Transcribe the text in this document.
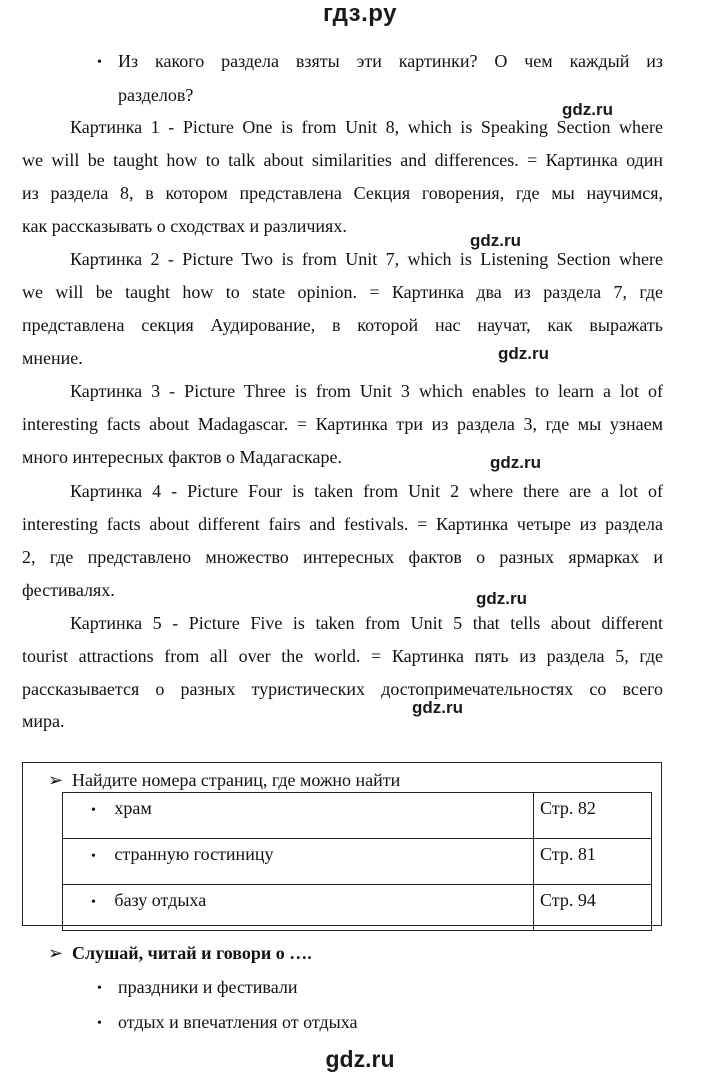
гдз.ру
• Из какого раздела взяты эти картинки? О чем каждый из
разделов?
Картинка 1 - Picture One is from Unit 8, which is Speaking Section where
we will be taught how to talk about similarities and differences. = Картинка один
из раздела 8, в котором представлена Секция говорения, где мы научимся,
как рассказывать о сходствах и различиях.
Картинка 2 - Picture Two is from Unit 7, which is Listening Section where
we will be taught how to state opinion. = Картинка два из раздела 7, где
представлена секция Аудирование, в которой нас научат, как выражать
мнение.
Картинка 3 - Picture Three is from Unit 3 which enables to learn a lot of
interesting facts about Madagascar. = Картинка три из раздела 3, где мы узнаем
много интересных фактов о Мадагаскаре.
Картинка 4 - Picture Four is taken from Unit 2 where there are a lot of
interesting facts about different fairs and festivals. = Картинка четыре из раздела
2, где представлено множество интересных фактов о разных ярмарках и
фестивалях.
Картинка 5 - Picture Five is taken from Unit 5 that tells about different
tourist attractions from all over the world. = Картинка пять из раздела 5, где
рассказывается о разных туристических достопримечательностях со всего
мира.
gdz.ru
gdz.ru
gdz.ru
gdz.ru
gdz.ru
gdz.ru
➢ Найдите номера страниц, где можно найти
• храм	Стр. 82
• странную гостиницу	Стр. 81
• базу отдыха	Стр. 94
➢ Слушай, читай и говори о ….
• праздники и фестивали
• отдых и впечатления от отдыха
gdz.ru
